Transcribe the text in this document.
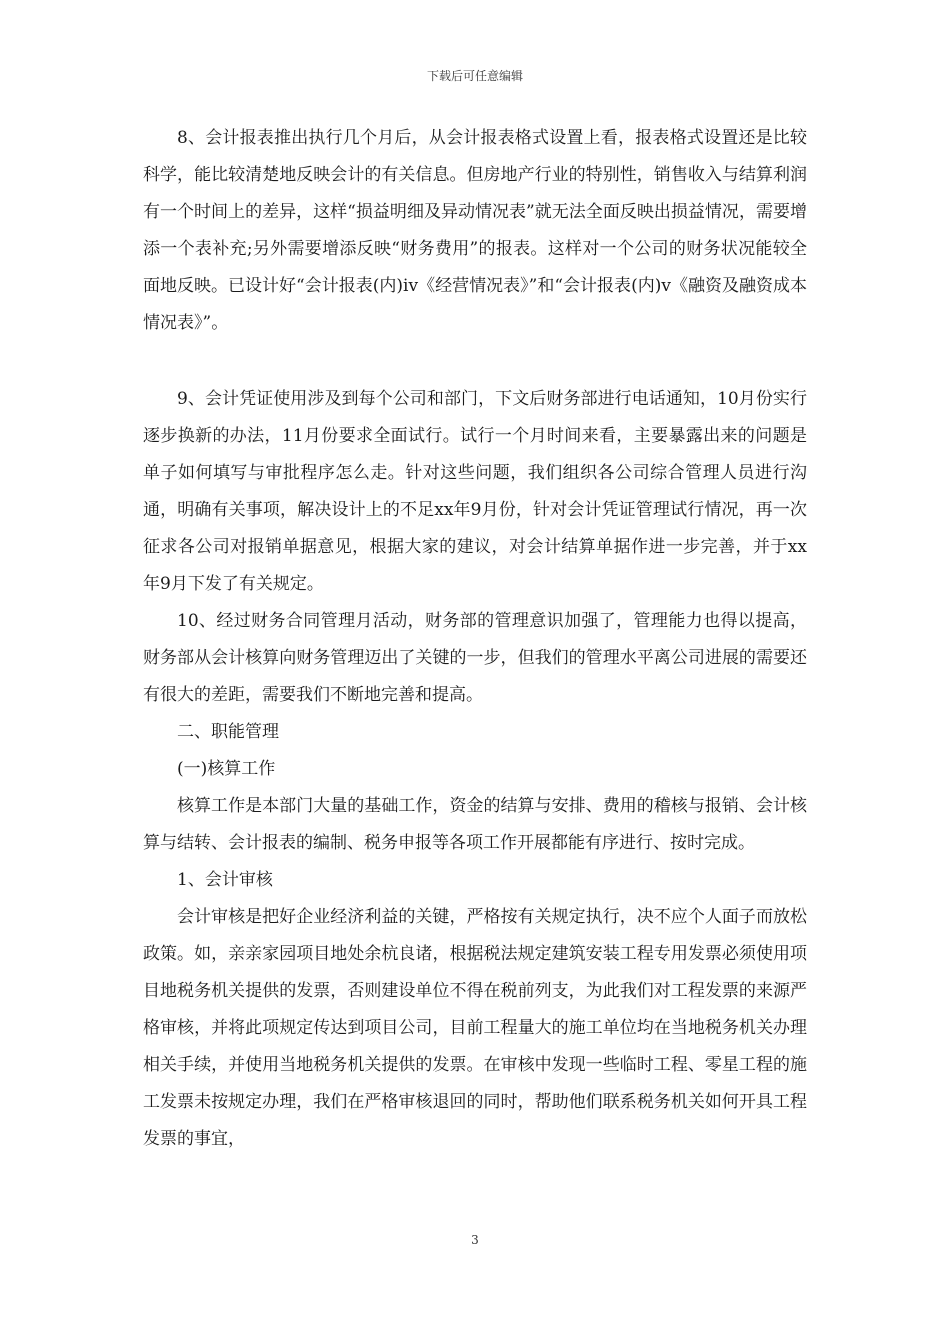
下载后可任意编辑

8、会计报表推出执行几个月后，从会计报表格式设置上看，报表格式设置还是比较科学，能比较清楚地反映会计的有关信息。但房地产行业的特别性，销售收入与结算利润有一个时间上的差异，这样“损益明细及异动情况表”就无法全面反映出损益情况，需要增添一个表补充;另外需要增添反映“财务费用”的报表。这样对一个公司的财务状况能较全面地反映。已设计好“会计报表(内)iv《经营情况表》”和“会计报表(内)v《融资及融资成本情况表》”。

9、会计凭证使用涉及到每个公司和部门，下文后财务部进行电话通知，10月份实行逐步换新的办法，11月份要求全面试行。试行一个月时间来看，主要暴露出来的问题是单子如何填写与审批程序怎么走。针对这些问题，我们组织各公司综合管理人员进行沟通，明确有关事项，解决设计上的不足xx年9月份，针对会计凭证管理试行情况，再一次征求各公司对报销单据意见，根据大家的建议，对会计结算单据作进一步完善，并于xx年9月下发了有关规定。

10、经过财务合同管理月活动，财务部的管理意识加强了，管理能力也得以提高，财务部从会计核算向财务管理迈出了关键的一步，但我们的管理水平离公司进展的需要还有很大的差距，需要我们不断地完善和提高。

二、职能管理

(一)核算工作

核算工作是本部门大量的基础工作，资金的结算与安排、费用的稽核与报销、会计核算与结转、会计报表的编制、税务申报等各项工作开展都能有序进行、按时完成。

1、会计审核

会计审核是把好企业经济利益的关键，严格按有关规定执行，决不应个人面子而放松政策。如，亲亲家园项目地处余杭良诸，根据税法规定建筑安装工程专用发票必须使用项目地税务机关提供的发票，否则建设单位不得在税前列支，为此我们对工程发票的来源严格审核，并将此项规定传达到项目公司，目前工程量大的施工单位均在当地税务机关办理相关手续，并使用当地税务机关提供的发票。在审核中发现一些临时工程、零星工程的施工发票未按规定办理，我们在严格审核退回的同时，帮助他们联系税务机关如何开具工程发票的事宜，

3
